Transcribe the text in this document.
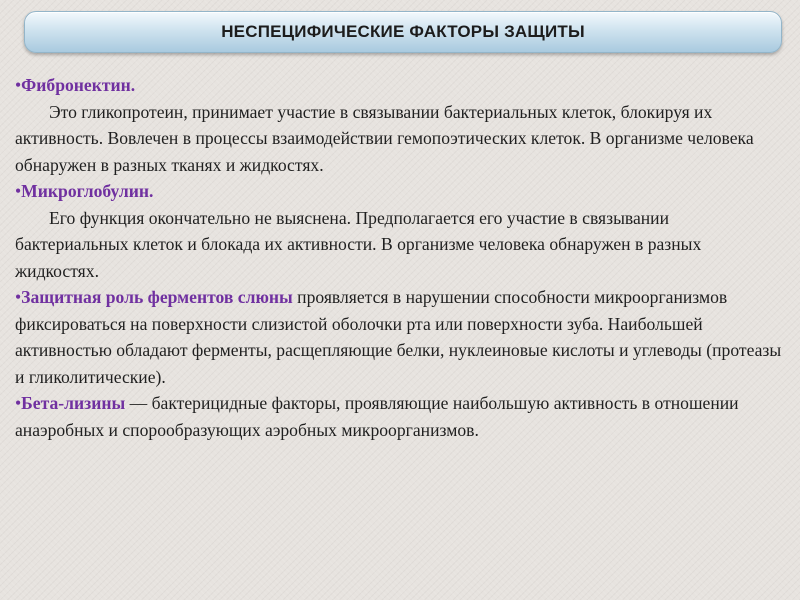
НЕСПЕЦИФИЧЕСКИЕ ФАКТОРЫ ЗАЩИТЫ

•Фибронектин.
Это гликопротеин, принимает участие в связывании бактериальных клеток, блокируя их активность. Вовлечен в процессы взаимодействии гемопоэтических клеток. В организме человека обнаружен в разных тканях и жидкостях.

•Микроглобулин.
Его функция окончательно не выяснена. Предполагается его участие в связывании бактериальных клеток и блокада их активности. В организме человека обнаружен в разных жидкостях.

•Защитная роль ферментов слюны проявляется в нарушении способности микроорганизмов фиксироваться на поверхности слизистой оболочки рта или поверхности зуба. Наибольшей активностью обладают ферменты, расщепляющие белки, нуклеиновые кислоты и углеводы (протеазы и гликолитические).

•Бета-лизины — бактерицидные факторы, проявляющие наибольшую активность в отношении анаэробных и спорообразующих аэробных микроорганизмов.
